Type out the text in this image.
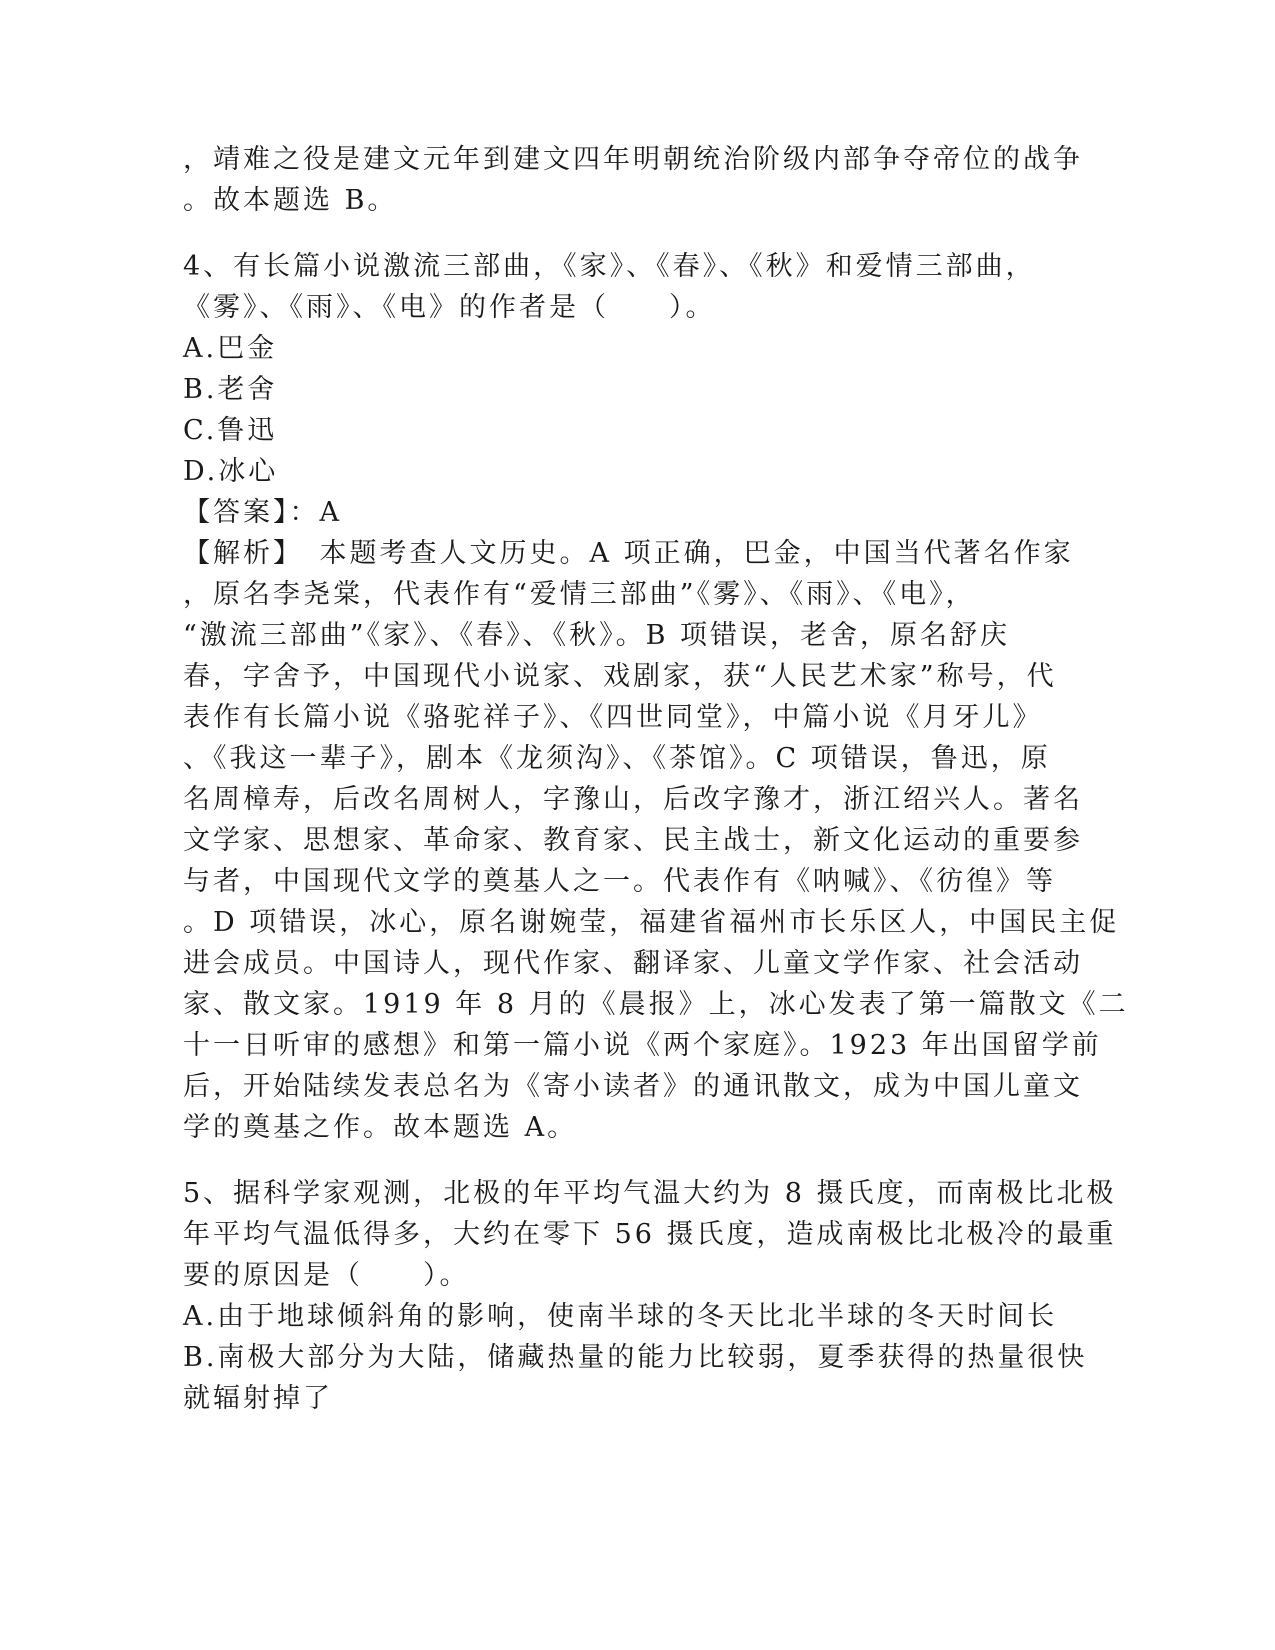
，靖难之役是建文元年到建文四年明朝统治阶级内部争夺帝位的战争

。故本题选 B。

4、有长篇小说激流三部曲，《家》、《春》、《秋》和爱情三部曲，

《雾》、《雨》、《电》的作者是（　　）。

A.巴金

B.老舍

C.鲁迅

D.冰心

【答案】：A

【解析】　本题考查人文历史。A 项正确，巴金，中国当代著名作家

，原名李尧棠，代表作有“爱情三部曲”《雾》、《雨》、《电》，

“激流三部曲”《家》、《春》、《秋》。B 项错误，老舍，原名舒庆

春，字舍予，中国现代小说家、戏剧家，获“人民艺术家”称号，代

表作有长篇小说《骆驼祥子》、《四世同堂》，中篇小说《月牙儿》

、《我这一辈子》，剧本《龙须沟》、《茶馆》。C 项错误，鲁迅，原

名周樟寿，后改名周树人，字豫山，后改字豫才，浙江绍兴人。著名

文学家、思想家、革命家、教育家、民主战士，新文化运动的重要参

与者，中国现代文学的奠基人之一。代表作有《呐喊》、《彷徨》等

。D 项错误，冰心，原名谢婉莹，福建省福州市长乐区人，中国民主促

进会成员。中国诗人，现代作家、翻译家、儿童文学作家、社会活动

家、散文家。1919 年 8 月的《晨报》上，冰心发表了第一篇散文《二

十一日听审的感想》和第一篇小说《两个家庭》。1923 年出国留学前

后，开始陆续发表总名为《寄小读者》的通讯散文，成为中国儿童文

学的奠基之作。故本题选 A。

5、据科学家观测，北极的年平均气温大约为 8 摄氏度，而南极比北极

年平均气温低得多，大约在零下 56 摄氏度，造成南极比北极冷的最重

要的原因是（　　）。

A.由于地球倾斜角的影响，使南半球的冬天比北半球的冬天时间长

B.南极大部分为大陆，储藏热量的能力比较弱，夏季获得的热量很快

就辐射掉了
